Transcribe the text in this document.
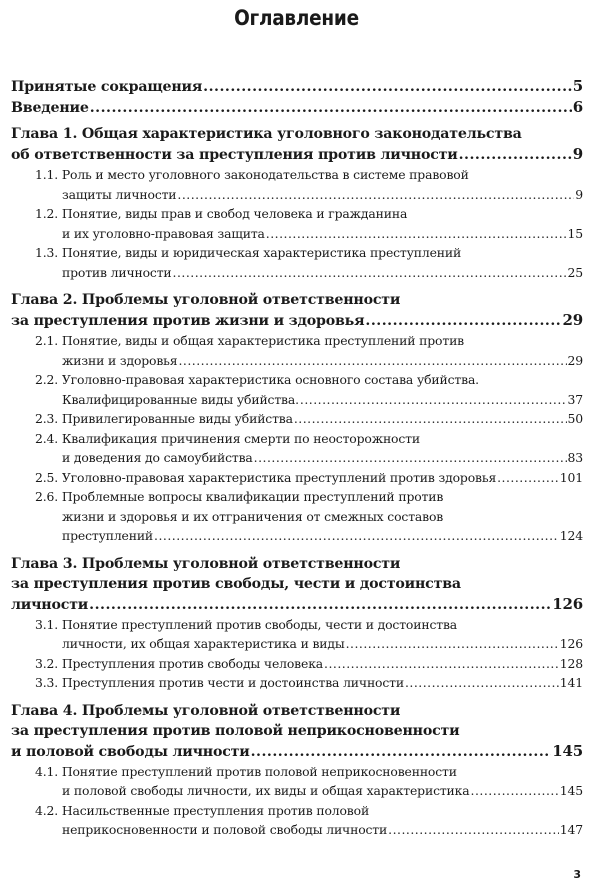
Оглавление
Принятые сокращения .....	5
Введение .....	6
Глава 1. Общая характеристика уголовного законодательства
об ответственности за преступления против личности .....	9
1.1. Роль и место уголовного законодательства в системе правовой
защиты личности .....	9
1.2. Понятие, виды прав и свобод человека и гражданина
и их уголовно-правовая защита .....	15
1.3. Понятие, виды и юридическая характеристика преступлений
против личности .....	25
Глава 2. Проблемы уголовной ответственности
за преступления против жизни и здоровья .....	29
2.1. Понятие, виды и общая характеристика преступлений против
жизни и здоровья .....	29
2.2. Уголовно-правовая характеристика основного состава убийства.
Квалифицированные виды убийства. .....	37
2.3. Привилегированные виды убийства .....	50
2.4. Квалификация причинения смерти по неосторожности
и доведения до самоубийства .....	83
2.5. Уголовно-правовая характеристика преступлений против здоровья .....	101
2.6. Проблемные вопросы квалификации преступлений против
жизни и здоровья и их отграничения от смежных составов
преступлений .....	124
Глава 3. Проблемы уголовной ответственности
за преступления против свободы, чести и достоинства
личности .....	126
3.1. Понятие преступлений против свободы, чести и достоинства
личности, их общая характеристика и виды .....	126
3.2. Преступления против свободы человека .....	128
3.3. Преступления против чести и достоинства личности .....	141
Глава 4. Проблемы уголовной ответственности
за преступления против половой неприкосновенности
и половой свободы личности .....	145
4.1. Понятие преступлений против половой неприкосновенности
и половой свободы личности, их виды и общая характеристика .....	145
4.2. Насильственные преступления против половой
неприкосновенности и половой свободы личности .....	147
3
